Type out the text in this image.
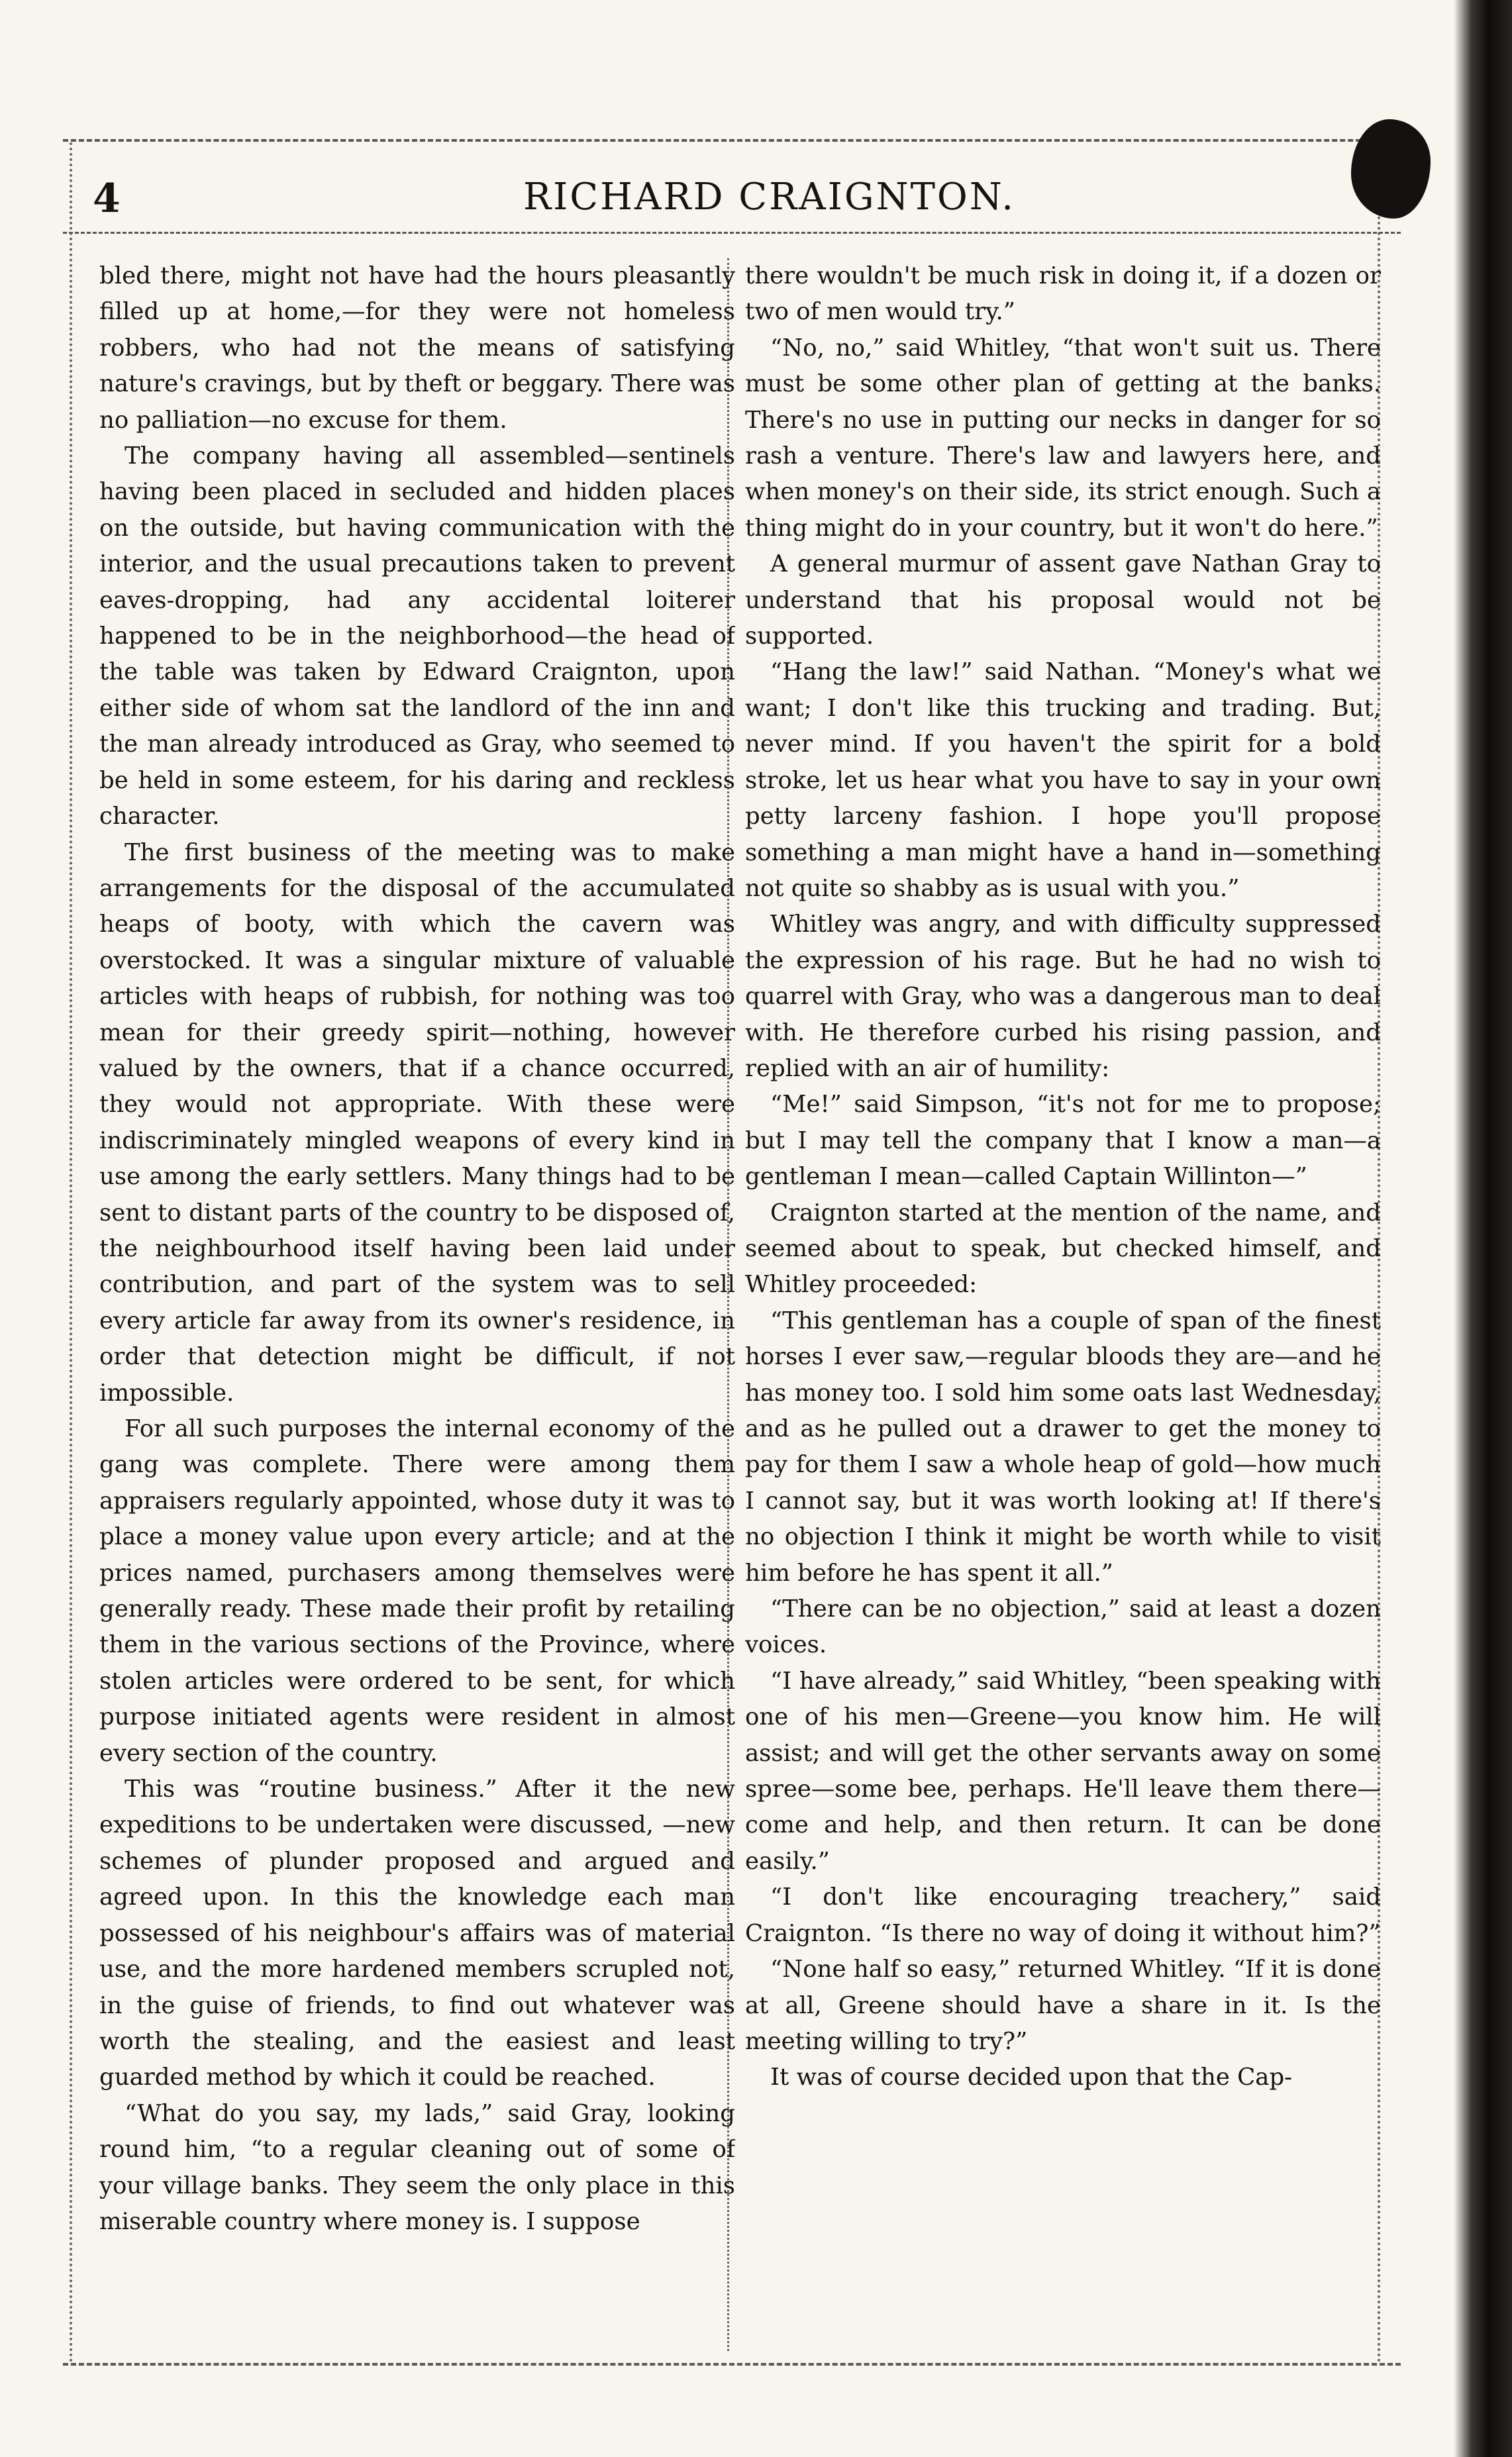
4	RICHARD CRAIGNTON.

bled there, might not have had the hours pleasantly filled up at home,—for they were not homeless robbers, who had not the means of satisfying nature's cravings, but by theft or beggary. There was no palliation—no excuse for them.

The company having all assembled—sentinels having been placed in secluded and hidden places on the outside, but having communication with the interior, and the usual precautions taken to prevent eaves-dropping, had any accidental loiterer happened to be in the neighborhood—the head of the table was taken by Edward Craignton, upon either side of whom sat the landlord of the inn and the man already introduced as Gray, who seemed to be held in some esteem, for his daring and reckless character.

The first business of the meeting was to make arrangements for the disposal of the accumulated heaps of booty, with which the cavern was overstocked. It was a singular mixture of valuable articles with heaps of rubbish, for nothing was too mean for their greedy spirit—nothing, however valued by the owners, that if a chance occurred, they would not appropriate. With these were indiscriminately mingled weapons of every kind in use among the early settlers. Many things had to be sent to distant parts of the country to be disposed of, the neighbourhood itself having been laid under contribution, and part of the system was to sell every article far away from its owner's residence, in order that detection might be difficult, if not impossible.

For all such purposes the internal economy of the gang was complete. There were among them appraisers regularly appointed, whose duty it was to place a money value upon every article; and at the prices named, purchasers among themselves were generally ready. These made their profit by retailing them in the various sections of the Province, where stolen articles were ordered to be sent, for which purpose initiated agents were resident in almost every section of the country.

This was “routine business.” After it the new expeditions to be undertaken were discussed, —new schemes of plunder proposed and argued and agreed upon. In this the knowledge each man possessed of his neighbour's affairs was of material use, and the more hardened members scrupled not, in the guise of friends, to find out whatever was worth the stealing, and the easiest and least guarded method by which it could be reached.

“What do you say, my lads,” said Gray, looking round him, “to a regular cleaning out of some of your village banks. They seem the only place in this miserable country where money is. I suppose

there wouldn't be much risk in doing it, if a dozen or two of men would try.”

“No, no,” said Whitley, “that won't suit us. There must be some other plan of getting at the banks. There's no use in putting our necks in danger for so rash a venture. There's law and lawyers here, and when money's on their side, its strict enough. Such a thing might do in your country, but it won't do here.”

A general murmur of assent gave Nathan Gray to understand that his proposal would not be supported.

“Hang the law!” said Nathan. “Money's what we want; I don't like this trucking and trading. But, never mind. If you haven't the spirit for a bold stroke, let us hear what you have to say in your own petty larceny fashion. I hope you'll propose something a man might have a hand in—something not quite so shabby as is usual with you.”

Whitley was angry, and with difficulty suppressed the expression of his rage. But he had no wish to quarrel with Gray, who was a dangerous man to deal with. He therefore curbed his rising passion, and replied with an air of humility:

“Me!” said Simpson, “it's not for me to propose; but I may tell the company that I know a man—a gentleman I mean—called Captain Willinton—”

Craignton started at the mention of the name, and seemed about to speak, but checked himself, and Whitley proceeded:

“This gentleman has a couple of span of the finest horses I ever saw,—regular bloods they are—and he has money too. I sold him some oats last Wednesday, and as he pulled out a drawer to get the money to pay for them I saw a whole heap of gold—how much I cannot say, but it was worth looking at! If there's no objection I think it might be worth while to visit him before he has spent it all.”

“There can be no objection,” said at least a dozen voices.

“I have already,” said Whitley, “been speaking with one of his men—Greene—you know him. He will assist; and will get the other servants away on some spree—some bee, perhaps. He'll leave them there—come and help, and then return. It can be done easily.”

“I don't like encouraging treachery,” said Craignton. “Is there no way of doing it without him?”

“None half so easy,” returned Whitley. “If it is done at all, Greene should have a share in it. Is the meeting willing to try?”

It was of course decided upon that the Cap-
